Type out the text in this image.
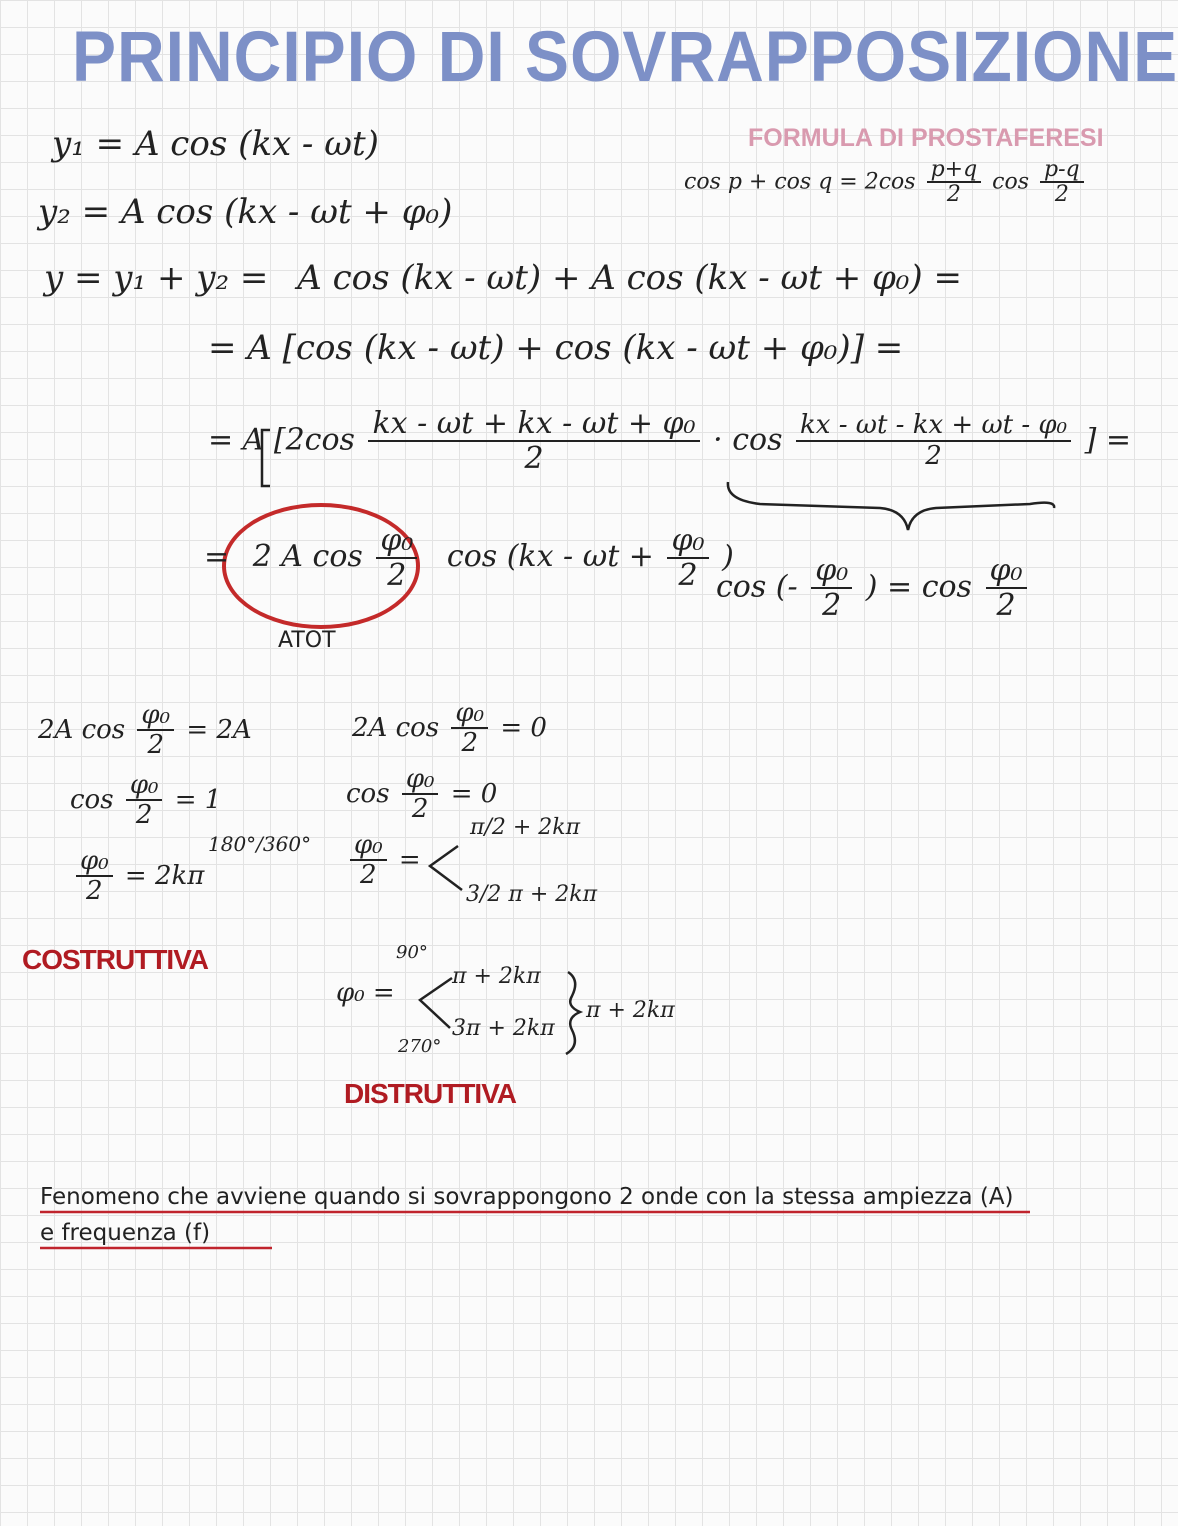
PRINCIPIO DI SOVRAPPOSIZIONE
FORMULA DI PROSTAFERESI
$\cos p + \cos q = 2\cos \frac{p+q}{2}$ $\cos \frac{p-q}{2}$
y₁ = A cos (kx - ωt)
y₂ = A cos (kx - ωt + φ₀)
y = y₁ + y₂ = A cos (kx - ωt) + A cos (kx - ωt + φ₀) =
= A [cos (kx - ωt) + cos (kx - ωt + φ₀)] =
= A [$2\cos \frac{\text{kx - ωt + kx - ωt + φ₀}}{2} \cdot \cos \frac{\text{kx - ωt - kx + ωt - φ₀}}{2}$ ] =
= 2 A $\cos \frac{\text{φ₀}}{2}$ $\cos (kx - \omega t + \frac{\text{φ₀}}{2}$ )
ATOT
cos (- $\frac{\text{φ₀}}{2}$ ) = $\cos \frac{\text{φ₀}}{2}$
2A $\cos \frac{\text{φ₀}}{2} = 2A$
$\cos \frac{\text{φ₀}}{2} = 1$
$\frac{\text{φ₀}}{2} = 2k\pi$
180°/360°
COSTRUTTIVA
2A $\cos \frac{\text{φ₀}}{2} = 0$
$\cos \frac{\text{φ₀}}{2} = 0$
$\frac{\text{φ₀}}{2}$ =
π/2 + 2kπ
3/2 π + 2kπ
90°
φ₀ =
π + 2kπ
3π + 2kπ
270°
π + 2kπ
DISTRUTTIVA
Fenomeno che avviene quando si sovrappongono 2 onde con la stessa ampiezza (A)
e frequenza (f)
